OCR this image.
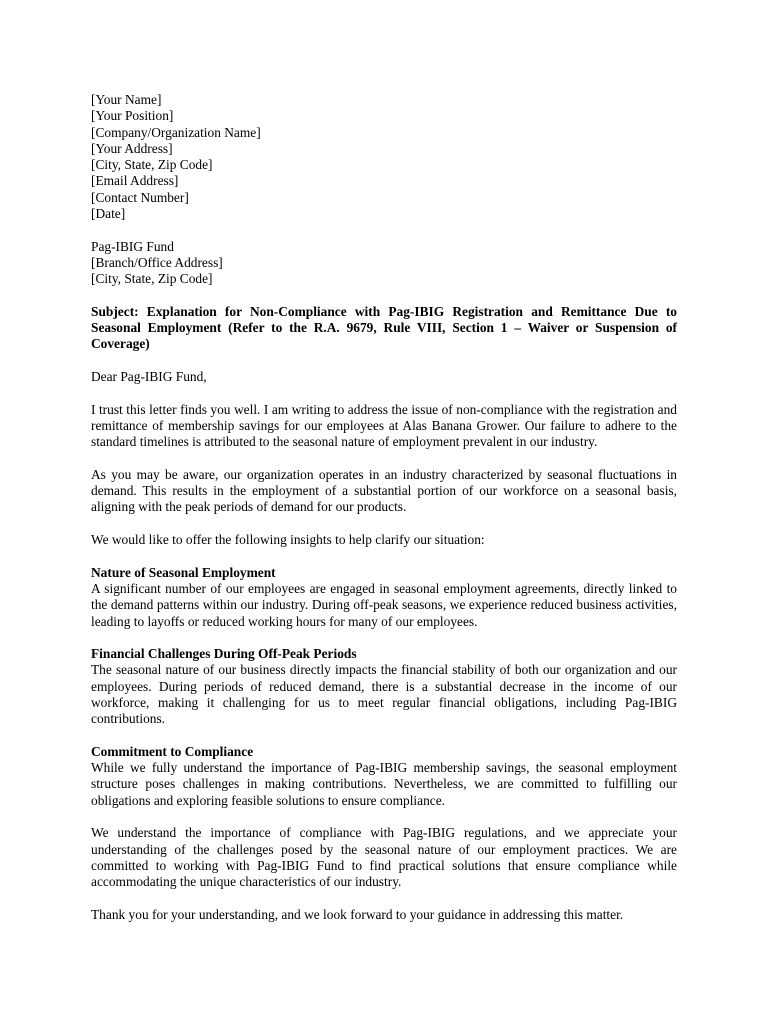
[Your Name]
[Your Position]
[Company/Organization Name]
[Your Address]
[City, State, Zip Code]
[Email Address]
[Contact Number]
[Date]
Pag-IBIG Fund
[Branch/Office Address]
[City, State, Zip Code]

Subject: Explanation for Non-Compliance with Pag-IBIG Registration and Remittance Due to Seasonal Employment (Refer to the R.A. 9679, Rule VIII, Section 1 – Waiver or Suspension of Coverage)

Dear Pag-IBIG Fund,

I trust this letter finds you well. I am writing to address the issue of non-compliance with the registration and remittance of membership savings for our employees at Alas Banana Grower. Our failure to adhere to the standard timelines is attributed to the seasonal nature of employment prevalent in our industry.

As you may be aware, our organization operates in an industry characterized by seasonal fluctuations in demand. This results in the employment of a substantial portion of our workforce on a seasonal basis, aligning with the peak periods of demand for our products.

We would like to offer the following insights to help clarify our situation:

Nature of Seasonal Employment

A significant number of our employees are engaged in seasonal employment agreements, directly linked to the demand patterns within our industry. During off-peak seasons, we experience reduced business activities, leading to layoffs or reduced working hours for many of our employees.

Financial Challenges During Off-Peak Periods

The seasonal nature of our business directly impacts the financial stability of both our organization and our employees. During periods of reduced demand, there is a substantial decrease in the income of our workforce, making it challenging for us to meet regular financial obligations, including Pag-IBIG contributions.

Commitment to Compliance

While we fully understand the importance of Pag-IBIG membership savings, the seasonal employment structure poses challenges in making contributions. Nevertheless, we are committed to fulfilling our obligations and exploring feasible solutions to ensure compliance.

We understand the importance of compliance with Pag-IBIG regulations, and we appreciate your understanding of the challenges posed by the seasonal nature of our employment practices. We are committed to working with Pag-IBIG Fund to find practical solutions that ensure compliance while accommodating the unique characteristics of our industry.

Thank you for your understanding, and we look forward to your guidance in addressing this matter.
